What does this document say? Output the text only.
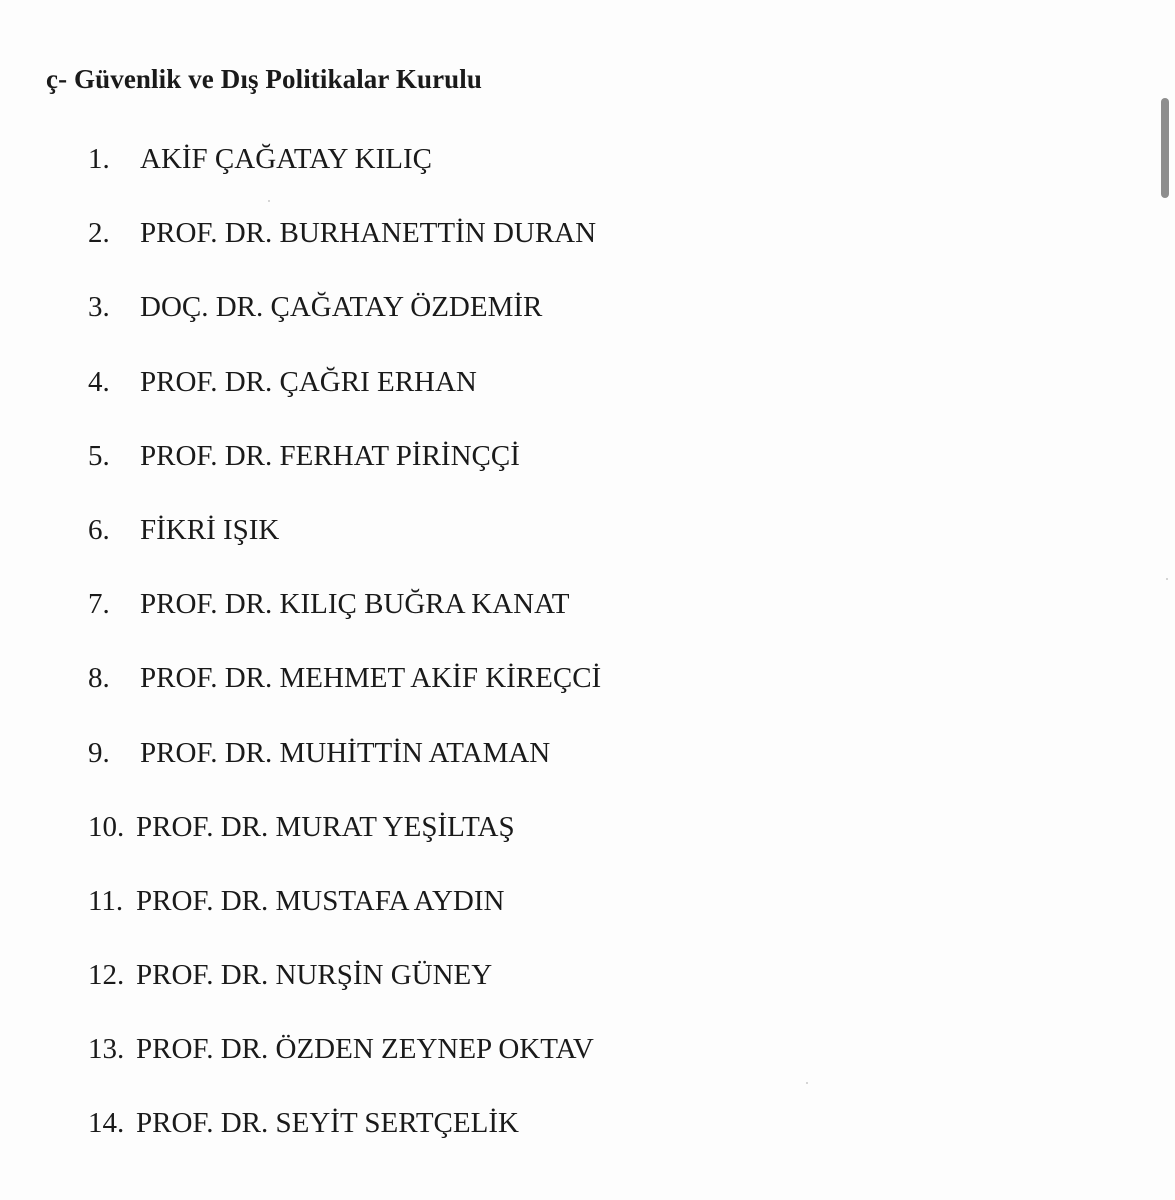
ç- Güvenlik ve Dış Politikalar Kurulu
1.	AKİF ÇAĞATAY KILIÇ
2.	PROF. DR. BURHANETTİN DURAN
3.	DOÇ. DR. ÇAĞATAY ÖZDEMİR
4.	PROF. DR. ÇAĞRI ERHAN
5.	PROF. DR. FERHAT PİRİNÇÇİ
6.	FİKRİ IŞIK
7.	PROF. DR. KILIÇ BUĞRA KANAT
8.	PROF. DR. MEHMET AKİF KİREÇCİ
9.	PROF. DR. MUHİTTİN ATAMAN
10. PROF. DR. MURAT YEŞİLTAŞ
11. PROF. DR. MUSTAFA AYDIN
12. PROF. DR. NURŞİN GÜNEY
13. PROF. DR. ÖZDEN ZEYNEP OKTAV
14. PROF. DR. SEYİT SERTÇELİK
